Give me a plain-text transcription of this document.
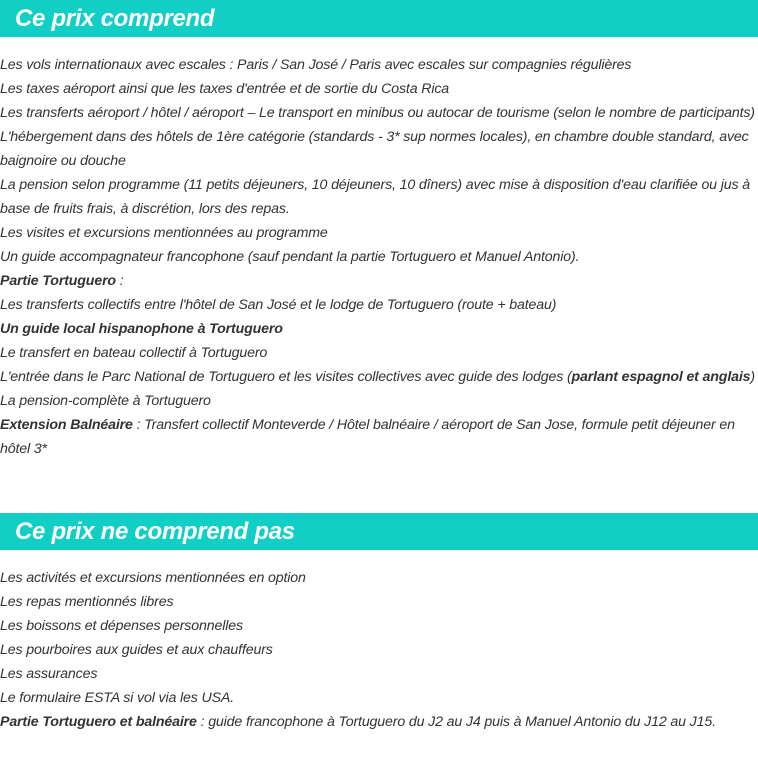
Ce prix comprend

Les vols internationaux avec escales : Paris / San José / Paris avec escales sur compagnies régulières

Les taxes aéroport ainsi que les taxes d'entrée et de sortie du Costa Rica

Les transferts aéroport / hôtel / aéroport – Le transport en minibus ou autocar de tourisme (selon le nombre de participants)

L'hébergement dans des hôtels de 1ère catégorie (standards - 3* sup normes locales), en chambre double standard, avec baignoire ou douche

La pension selon programme (11 petits déjeuners, 10 déjeuners, 10 dîners) avec mise à disposition d'eau clarifiée ou jus à base de fruits frais, à discrétion, lors des repas.

Les visites et excursions mentionnées au programme

Un guide accompagnateur francophone (sauf pendant la partie Tortuguero et Manuel Antonio).

Partie Tortuguero :

Les transferts collectifs entre l'hôtel de San José et le lodge de Tortuguero (route + bateau)

Un guide local hispanophone à Tortuguero

Le transfert en bateau collectif à Tortuguero

L'entrée dans le Parc National de Tortuguero et les visites collectives avec guide des lodges (parlant espagnol et anglais)

La pension-complète à Tortuguero

Extension Balnéaire : Transfert collectif Monteverde / Hôtel balnéaire / aéroport de San Jose, formule petit déjeuner en hôtel 3*

Ce prix ne comprend pas

Les activités et excursions mentionnées en option

Les repas mentionnés libres

Les boissons et dépenses personnelles

Les pourboires aux guides et aux chauffeurs

Les assurances

Le formulaire ESTA si vol via les USA.

Partie Tortuguero et balnéaire : guide francophone à Tortuguero du J2 au J4 puis à Manuel Antonio du J12 au J15.
